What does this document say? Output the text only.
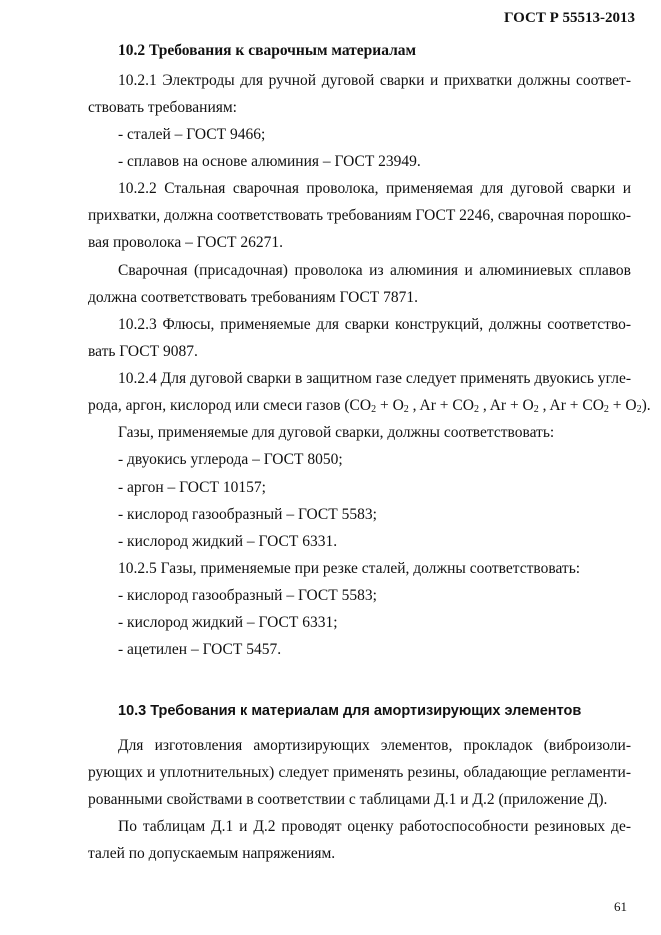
ГОСТ Р 55513-2013
10.2 Требования к сварочным материалам
10.2.1 Электроды для ручной дуговой сварки и прихватки должны соответ-
ствовать требованиям:
- сталей – ГОСТ 9466;
- сплавов на основе алюминия – ГОСТ 23949.
10.2.2 Стальная сварочная проволока, применяемая для дуговой сварки и
прихватки, должна соответствовать требованиям ГОСТ 2246, сварочная порошко-
вая проволока – ГОСТ 26271.
Сварочная (присадочная) проволока из алюминия и алюминиевых сплавов
должна соответствовать требованиям ГОСТ 7871.
10.2.3 Флюсы, применяемые для сварки конструкций, должны соответство-
вать ГОСТ 9087.
10.2.4 Для дуговой сварки в защитном газе следует применять двуокись угле-
рода, аргон, кислород или смеси газов ($CO_2 + O_2$ , $Ar + CO_2$ , $Ar + O_2$ , $Ar + CO_2 + O_2$).
Газы, применяемые для дуговой сварки, должны соответствовать:
- двуокись углерода – ГОСТ 8050;
- аргон – ГОСТ 10157;
- кислород газообразный – ГОСТ 5583;
- кислород жидкий – ГОСТ 6331.
10.2.5 Газы, применяемые при резке сталей, должны соответствовать:
- кислород газообразный – ГОСТ 5583;
- кислород жидкий – ГОСТ 6331;
- ацетилен – ГОСТ 5457.
10.3 Требования к материалам для амортизирующих элементов
Для изготовления амортизирующих элементов, прокладок (виброизоли-
рующих и уплотнительных) следует применять резины, обладающие регламенти-
рованными свойствами в соответствии с таблицами Д.1 и Д.2 (приложение Д).
По таблицам Д.1 и Д.2 проводят оценку работоспособности резиновых де-
талей по допускаемым напряжениям.
61
